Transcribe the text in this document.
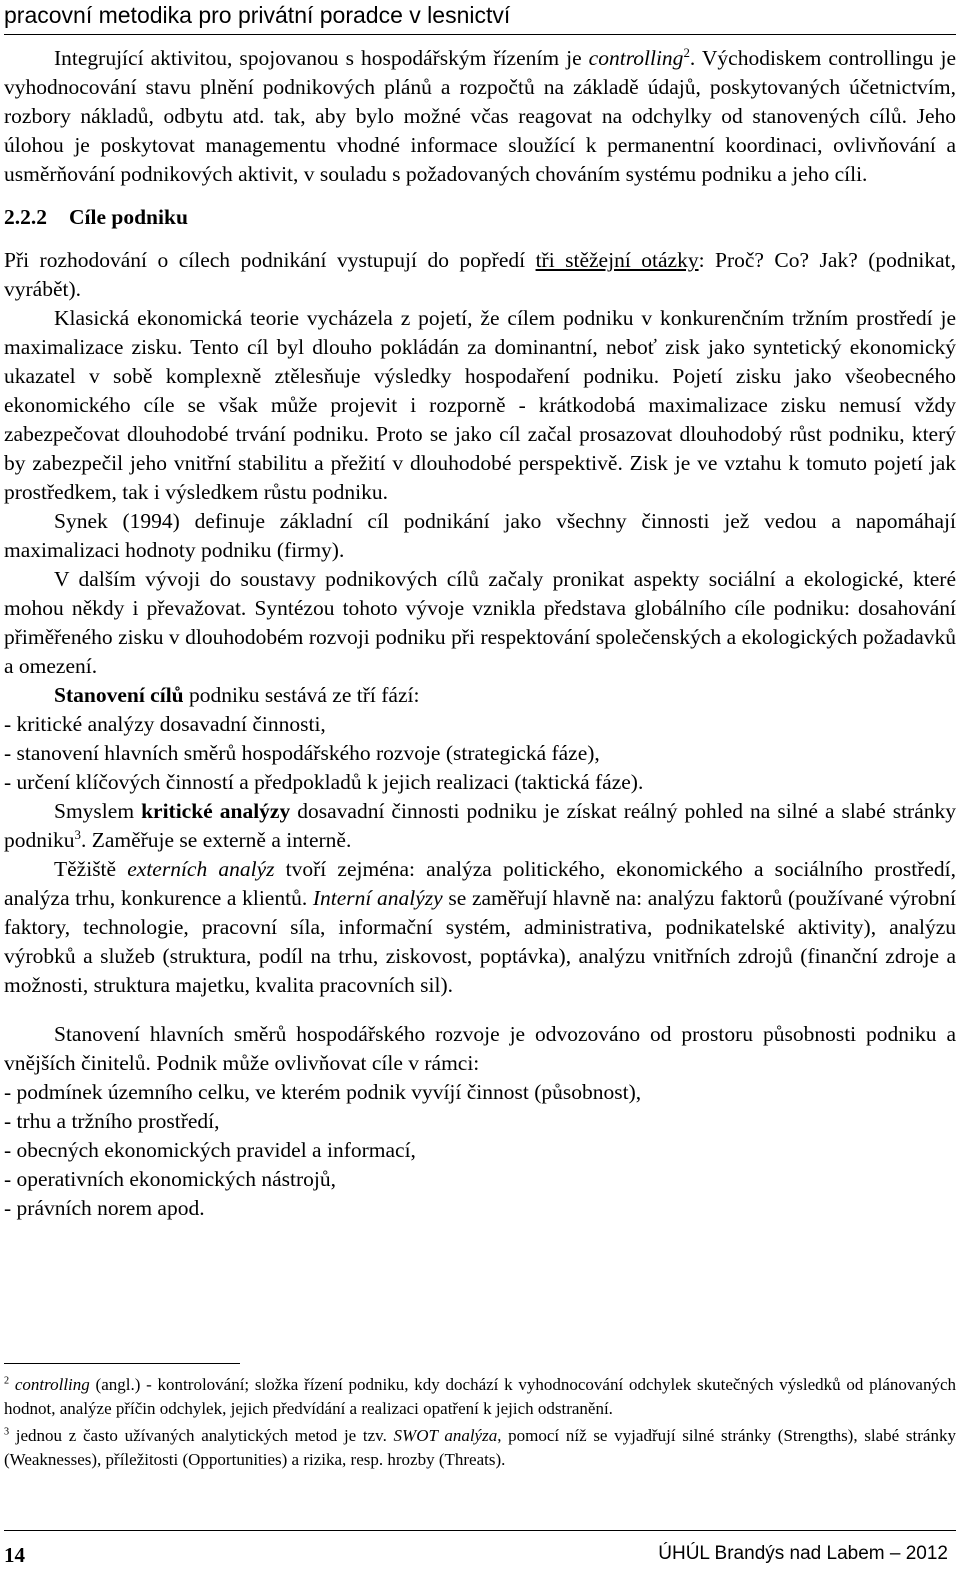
pracovní metodika pro privátní poradce v lesnictví

Integrující aktivitou, spojovanou s hospodářským řízením je controlling$^2$. Východiskem controllingu je vyhodnocování stavu plnění podnikových plánů a rozpočtů na základě údajů, poskytovaných účetnictvím, rozbory nákladů, odbytu atd. tak, aby bylo možné včas reagovat na odchylky od stanovených cílů. Jeho úlohou je poskytovat managementu vhodné informace sloužící k permanentní koordinaci, ovlivňování a usměrňování podnikových aktivit, v souladu s požadovaných chováním systému podniku a jeho cíli.

2.2.2 Cíle podniku

Při rozhodování o cílech podnikání vystupují do popředí tři stěžejní otázky: Proč? Co? Jak? (podnikat, vyrábět).

Klasická ekonomická teorie vycházela z pojetí, že cílem podniku v konkurenčním tržním prostředí je maximalizace zisku. Tento cíl byl dlouho pokládán za dominantní, neboť zisk jako syntetický ekonomický ukazatel v sobě komplexně ztělesňuje výsledky hospodaření podniku. Pojetí zisku jako všeobecného ekonomického cíle se však může projevit i rozporně - krátkodobá maximalizace zisku nemusí vždy zabezpečovat dlouhodobé trvání podniku. Proto se jako cíl začal prosazovat dlouhodobý růst podniku, který by zabezpečil jeho vnitřní stabilitu a přežití v dlouhodobé perspektivě. Zisk je ve vztahu k tomuto pojetí jak prostředkem, tak i výsledkem růstu podniku.

Synek (1994) definuje základní cíl podnikání jako všechny činnosti jež vedou a napomáhají maximalizaci hodnoty podniku (firmy).

V dalším vývoji do soustavy podnikových cílů začaly pronikat aspekty sociální a ekologické, které mohou někdy i převažovat. Syntézou tohoto vývoje vznikla představa globálního cíle podniku: dosahování přiměřeného zisku v dlouhodobém rozvoji podniku při respektování společenských a ekologických požadavků a omezení.

Stanovení cílů podniku sestává ze tří fází:

- kritické analýzy dosavadní činnosti,

- stanovení hlavních směrů hospodářského rozvoje (strategická fáze),

- určení klíčových činností a předpokladů k jejich realizaci (taktická fáze).

Smyslem kritické analýzy dosavadní činnosti podniku je získat reálný pohled na silné a slabé stránky podniku$^3$. Zaměřuje se externě a interně.

Těžiště externích analýz tvoří zejména: analýza politického, ekonomického a sociálního prostředí, analýza trhu, konkurence a klientů. Interní analýzy se zaměřují hlavně na: analýzu faktorů (používané výrobní faktory, technologie, pracovní síla, informační systém, administrativa, podnikatelské aktivity), analýzu výrobků a služeb (struktura, podíl na trhu, ziskovost, poptávka), analýzu vnitřních zdrojů (finanční zdroje a možnosti, struktura majetku, kvalita pracovních sil).

Stanovení hlavních směrů hospodářského rozvoje je odvozováno od prostoru působnosti podniku a vnějších činitelů. Podnik může ovlivňovat cíle v rámci:

- podmínek územního celku, ve kterém podnik vyvíjí činnost (působnost),

- trhu a tržního prostředí,

- obecných ekonomických pravidel a informací,

- operativních ekonomických nástrojů,

- právních norem apod.

$^2$ controlling (angl.) - kontrolování; složka řízení podniku, kdy dochází k vyhodnocování odchylek skutečných výsledků od plánovaných hodnot, analýze příčin odchylek, jejich předvídání a realizaci opatření k jejich odstranění.

$^3$ jednou z často užívaných analytických metod je tzv. SWOT analýza, pomocí níž se vyjadřují silné stránky (Strengths), slabé stránky (Weaknesses), příležitosti (Opportunities) a rizika, resp. hrozby (Threats).

14	ÚHÚL Brandýs nad Labem – 2012
